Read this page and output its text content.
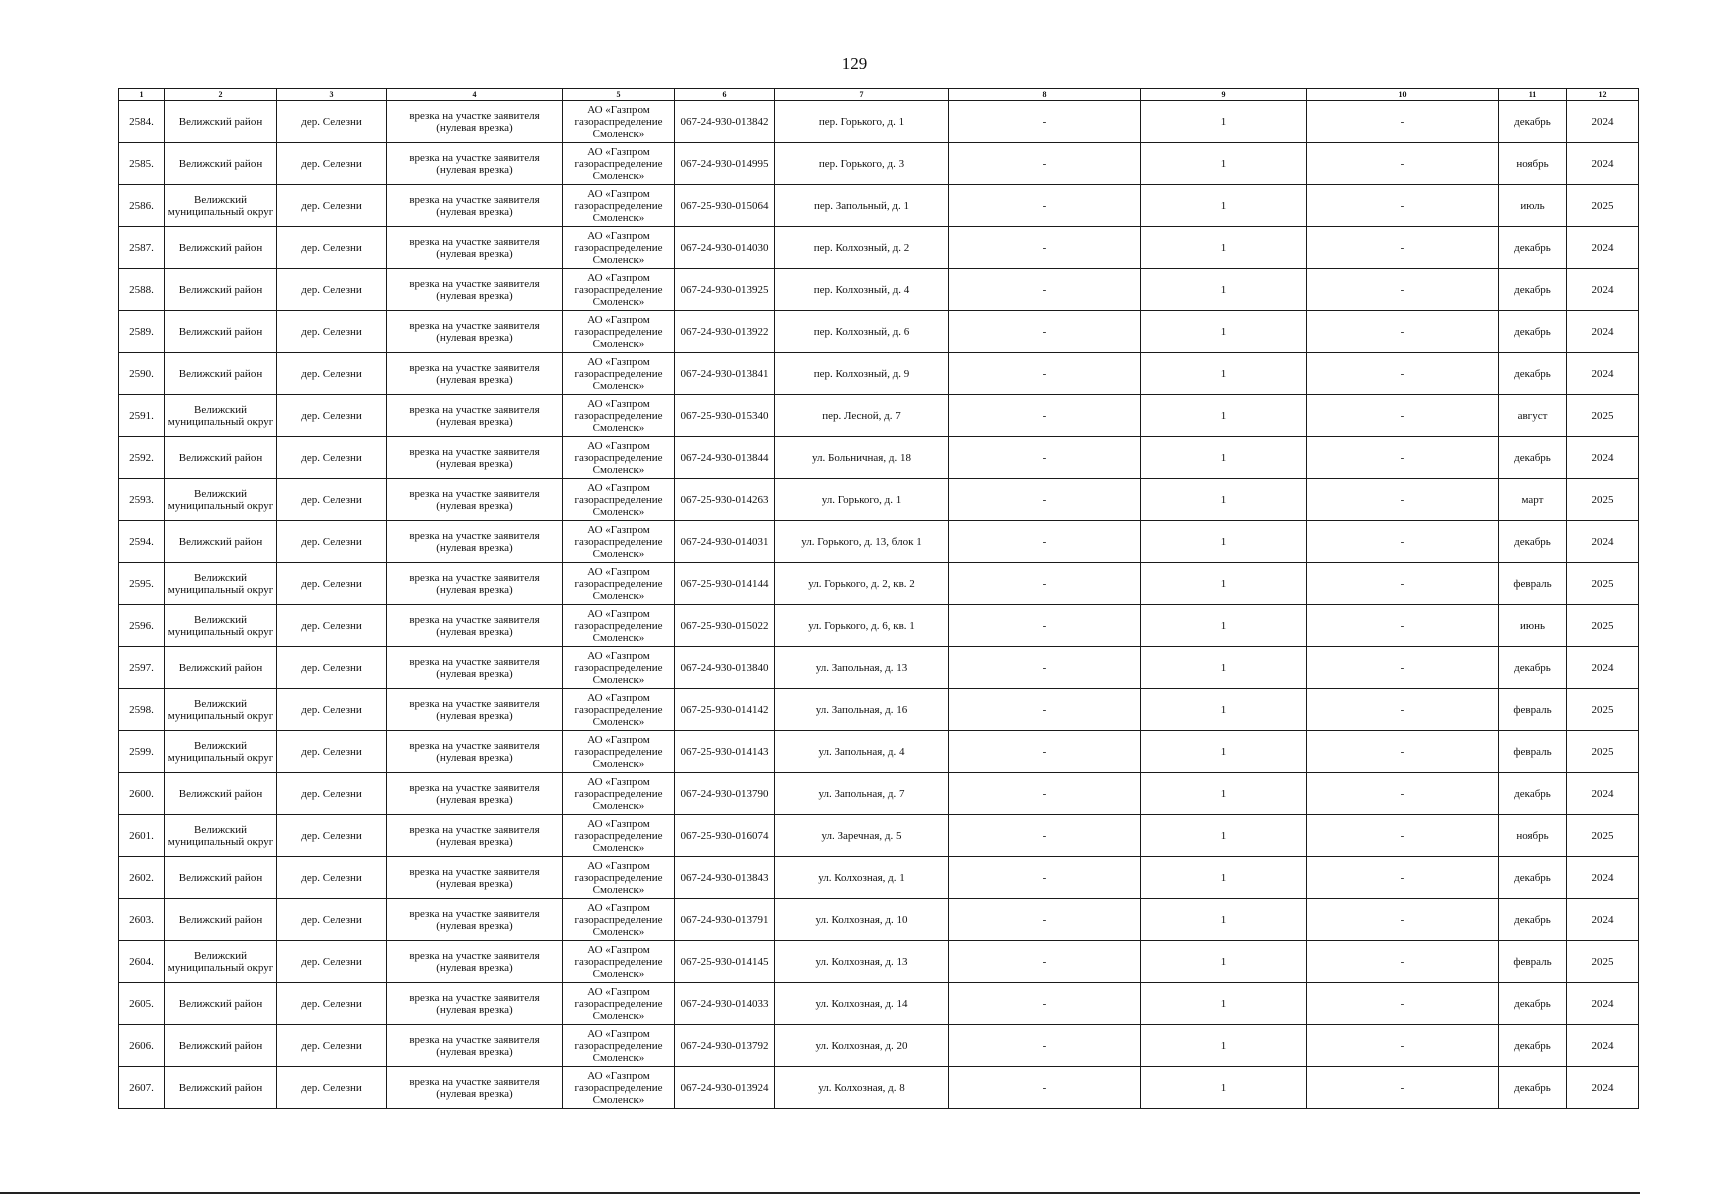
129
1	2	3	4	5	6	7	8	9	10	11	12
2584.	Велижский район	дер. Селезни	врезка на участке заявителя (нулевая врезка)	АО «Газпром газораспределение Смоленск»	067-24-930-013842	пер. Горького, д. 1	-	1	-	декабрь	2024
2585.	Велижский район	дер. Селезни	врезка на участке заявителя (нулевая врезка)	АО «Газпром газораспределение Смоленск»	067-24-930-014995	пер. Горького, д. 3	-	1	-	ноябрь	2024
2586.	Велижский муниципальный округ	дер. Селезни	врезка на участке заявителя (нулевая врезка)	АО «Газпром газораспределение Смоленск»	067-25-930-015064	пер. Запольный, д. 1	-	1	-	июль	2025
2587.	Велижский район	дер. Селезни	врезка на участке заявителя (нулевая врезка)	АО «Газпром газораспределение Смоленск»	067-24-930-014030	пер. Колхозный, д. 2	-	1	-	декабрь	2024
2588.	Велижский район	дер. Селезни	врезка на участке заявителя (нулевая врезка)	АО «Газпром газораспределение Смоленск»	067-24-930-013925	пер. Колхозный, д. 4	-	1	-	декабрь	2024
2589.	Велижский район	дер. Селезни	врезка на участке заявителя (нулевая врезка)	АО «Газпром газораспределение Смоленск»	067-24-930-013922	пер. Колхозный, д. 6	-	1	-	декабрь	2024
2590.	Велижский район	дер. Селезни	врезка на участке заявителя (нулевая врезка)	АО «Газпром газораспределение Смоленск»	067-24-930-013841	пер. Колхозный, д. 9	-	1	-	декабрь	2024
2591.	Велижский муниципальный округ	дер. Селезни	врезка на участке заявителя (нулевая врезка)	АО «Газпром газораспределение Смоленск»	067-25-930-015340	пер. Лесной, д. 7	-	1	-	август	2025
2592.	Велижский район	дер. Селезни	врезка на участке заявителя (нулевая врезка)	АО «Газпром газораспределение Смоленск»	067-24-930-013844	ул. Больничная, д. 18	-	1	-	декабрь	2024
2593.	Велижский муниципальный округ	дер. Селезни	врезка на участке заявителя (нулевая врезка)	АО «Газпром газораспределение Смоленск»	067-25-930-014263	ул. Горького, д. 1	-	1	-	март	2025
2594.	Велижский район	дер. Селезни	врезка на участке заявителя (нулевая врезка)	АО «Газпром газораспределение Смоленск»	067-24-930-014031	ул. Горького, д. 13, блок 1	-	1	-	декабрь	2024
2595.	Велижский муниципальный округ	дер. Селезни	врезка на участке заявителя (нулевая врезка)	АО «Газпром газораспределение Смоленск»	067-25-930-014144	ул. Горького, д. 2, кв. 2	-	1	-	февраль	2025
2596.	Велижский муниципальный округ	дер. Селезни	врезка на участке заявителя (нулевая врезка)	АО «Газпром газораспределение Смоленск»	067-25-930-015022	ул. Горького, д. 6, кв. 1	-	1	-	июнь	2025
2597.	Велижский район	дер. Селезни	врезка на участке заявителя (нулевая врезка)	АО «Газпром газораспределение Смоленск»	067-24-930-013840	ул. Запольная, д. 13	-	1	-	декабрь	2024
2598.	Велижский муниципальный округ	дер. Селезни	врезка на участке заявителя (нулевая врезка)	АО «Газпром газораспределение Смоленск»	067-25-930-014142	ул. Запольная, д. 16	-	1	-	февраль	2025
2599.	Велижский муниципальный округ	дер. Селезни	врезка на участке заявителя (нулевая врезка)	АО «Газпром газораспределение Смоленск»	067-25-930-014143	ул. Запольная, д. 4	-	1	-	февраль	2025
2600.	Велижский район	дер. Селезни	врезка на участке заявителя (нулевая врезка)	АО «Газпром газораспределение Смоленск»	067-24-930-013790	ул. Запольная, д. 7	-	1	-	декабрь	2024
2601.	Велижский муниципальный округ	дер. Селезни	врезка на участке заявителя (нулевая врезка)	АО «Газпром газораспределение Смоленск»	067-25-930-016074	ул. Заречная, д. 5	-	1	-	ноябрь	2025
2602.	Велижский район	дер. Селезни	врезка на участке заявителя (нулевая врезка)	АО «Газпром газораспределение Смоленск»	067-24-930-013843	ул. Колхозная, д. 1	-	1	-	декабрь	2024
2603.	Велижский район	дер. Селезни	врезка на участке заявителя (нулевая врезка)	АО «Газпром газораспределение Смоленск»	067-24-930-013791	ул. Колхозная, д. 10	-	1	-	декабрь	2024
2604.	Велижский муниципальный округ	дер. Селезни	врезка на участке заявителя (нулевая врезка)	АО «Газпром газораспределение Смоленск»	067-25-930-014145	ул. Колхозная, д. 13	-	1	-	февраль	2025
2605.	Велижский район	дер. Селезни	врезка на участке заявителя (нулевая врезка)	АО «Газпром газораспределение Смоленск»	067-24-930-014033	ул. Колхозная, д. 14	-	1	-	декабрь	2024
2606.	Велижский район	дер. Селезни	врезка на участке заявителя (нулевая врезка)	АО «Газпром газораспределение Смоленск»	067-24-930-013792	ул. Колхозная, д. 20	-	1	-	декабрь	2024
2607.	Велижский район	дер. Селезни	врезка на участке заявителя (нулевая врезка)	АО «Газпром газораспределение Смоленск»	067-24-930-013924	ул. Колхозная, д. 8	-	1	-	декабрь	2024
